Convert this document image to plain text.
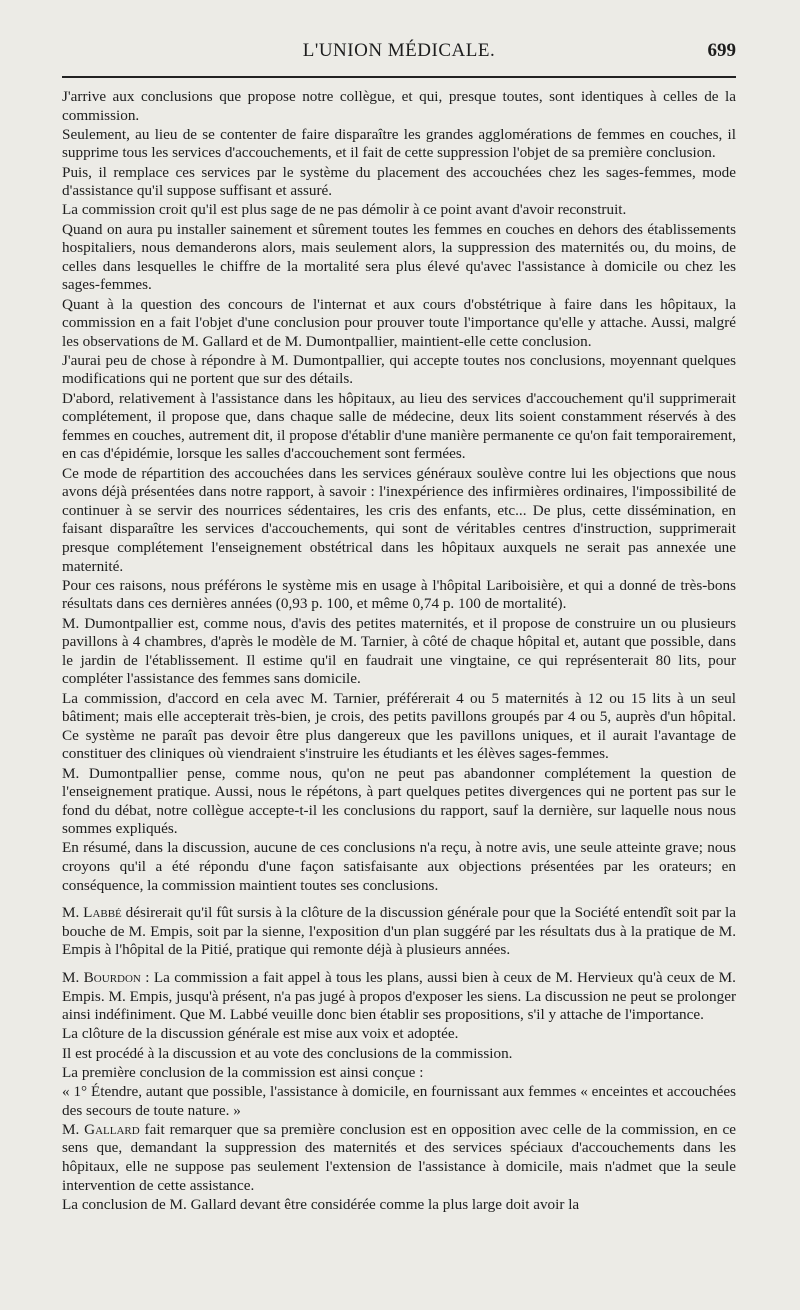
L'UNION MÉDICALE.	699

J'arrive aux conclusions que propose notre collègue, et qui, presque toutes, sont identiques à celles de la commission.

Seulement, au lieu de se contenter de faire disparaître les grandes agglomérations de femmes en couches, il supprime tous les services d'accouchements, et il fait de cette suppression l'objet de sa première conclusion.

Puis, il remplace ces services par le système du placement des accouchées chez les sages-femmes, mode d'assistance qu'il suppose suffisant et assuré.

La commission croit qu'il est plus sage de ne pas démolir à ce point avant d'avoir reconstruit.

Quand on aura pu installer sainement et sûrement toutes les femmes en couches en dehors des établissements hospitaliers, nous demanderons alors, mais seulement alors, la suppression des maternités ou, du moins, de celles dans lesquelles le chiffre de la mortalité sera plus élevé qu'avec l'assistance à domicile ou chez les sages-femmes.

Quant à la question des concours de l'internat et aux cours d'obstétrique à faire dans les hôpitaux, la commission en a fait l'objet d'une conclusion pour prouver toute l'importance qu'elle y attache. Aussi, malgré les observations de M. Gallard et de M. Dumontpallier, maintient-elle cette conclusion.

J'aurai peu de chose à répondre à M. Dumontpallier, qui accepte toutes nos conclusions, moyennant quelques modifications qui ne portent que sur des détails.

D'abord, relativement à l'assistance dans les hôpitaux, au lieu des services d'accouchement qu'il supprimerait complétement, il propose que, dans chaque salle de médecine, deux lits soient constamment réservés à des femmes en couches, autrement dit, il propose d'établir d'une manière permanente ce qu'on fait temporairement, en cas d'épidémie, lorsque les salles d'accouchement sont fermées.

Ce mode de répartition des accouchées dans les services généraux soulève contre lui les objections que nous avons déjà présentées dans notre rapport, à savoir : l'inexpérience des infirmières ordinaires, l'impossibilité de continuer à se servir des nourrices sédentaires, les cris des enfants, etc... De plus, cette dissémination, en faisant disparaître les services d'accouchements, qui sont de véritables centres d'instruction, supprimerait presque complétement l'enseignement obstétrical dans les hôpitaux auxquels ne serait pas annexée une maternité.

Pour ces raisons, nous préférons le système mis en usage à l'hôpital Lariboisière, et qui a donné de très-bons résultats dans ces dernières années (0,93 p. 100, et même 0,74 p. 100 de mortalité).

M. Dumontpallier est, comme nous, d'avis des petites maternités, et il propose de construire un ou plusieurs pavillons à 4 chambres, d'après le modèle de M. Tarnier, à côté de chaque hôpital et, autant que possible, dans le jardin de l'établissement. Il estime qu'il en faudrait une vingtaine, ce qui représenterait 80 lits, pour compléter l'assistance des femmes sans domicile.

La commission, d'accord en cela avec M. Tarnier, préférerait 4 ou 5 maternités à 12 ou 15 lits à un seul bâtiment; mais elle accepterait très-bien, je crois, des petits pavillons groupés par 4 ou 5, auprès d'un hôpital. Ce système ne paraît pas devoir être plus dangereux que les pavillons uniques, et il aurait l'avantage de constituer des cliniques où viendraient s'instruire les étudiants et les élèves sages-femmes.

M. Dumontpallier pense, comme nous, qu'on ne peut pas abandonner complétement la question de l'enseignement pratique. Aussi, nous le répétons, à part quelques petites divergences qui ne portent pas sur le fond du débat, notre collègue accepte-t-il les conclusions du rapport, sauf la dernière, sur laquelle nous nous sommes expliqués.

En résumé, dans la discussion, aucune de ces conclusions n'a reçu, à notre avis, une seule atteinte grave; nous croyons qu'il a été répondu d'une façon satisfaisante aux objections présentées par les orateurs; en conséquence, la commission maintient toutes ses conclusions.

M. Labbé désirerait qu'il fût sursis à la clôture de la discussion générale pour que la Société entendît soit par la bouche de M. Empis, soit par la sienne, l'exposition d'un plan suggéré par les résultats dus à la pratique de M. Empis à l'hôpital de la Pitié, pratique qui remonte déjà à plusieurs années.

M. Bourdon : La commission a fait appel à tous les plans, aussi bien à ceux de M. Hervieux qu'à ceux de M. Empis. M. Empis, jusqu'à présent, n'a pas jugé à propos d'exposer les siens. La discussion ne peut se prolonger ainsi indéfiniment. Que M. Labbé veuille donc bien établir ses propositions, s'il y attache de l'importance.

La clôture de la discussion générale est mise aux voix et adoptée.

Il est procédé à la discussion et au vote des conclusions de la commission.

La première conclusion de la commission est ainsi conçue :

« 1° Étendre, autant que possible, l'assistance à domicile, en fournissant aux femmes « enceintes et accouchées des secours de toute nature. »

M. Gallard fait remarquer que sa première conclusion est en opposition avec celle de la commission, en ce sens que, demandant la suppression des maternités et des services spéciaux d'accouchements dans les hôpitaux, elle ne suppose pas seulement l'extension de l'assistance à domicile, mais n'admet que la seule intervention de cette assistance.

La conclusion de M. Gallard devant être considérée comme la plus large doit avoir la
